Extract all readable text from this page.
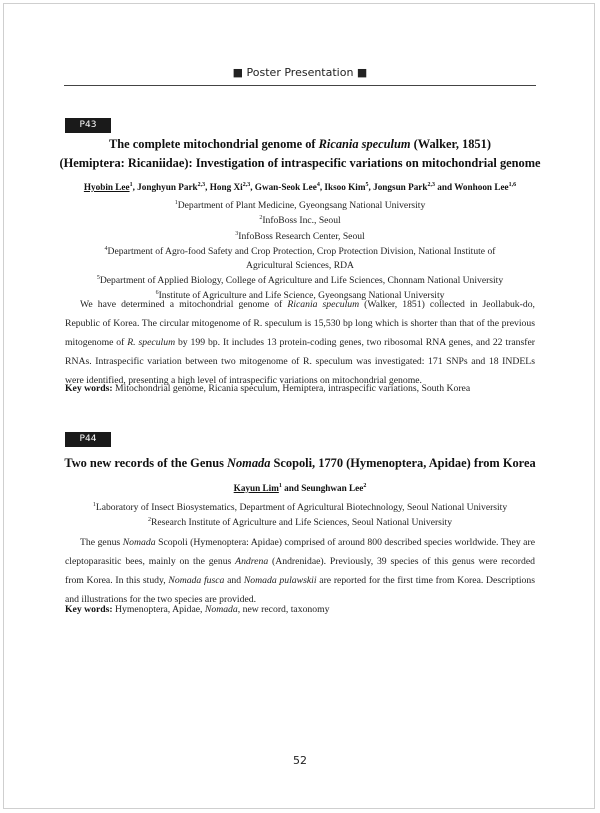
■ Poster Presentation ■
P43
The complete mitochondrial genome of Ricania speculum (Walker, 1851)
(Hemiptera: Ricaniidae): Investigation of intraspecific variations on mitochondrial genome
Hyobin Lee$^1$, Jonghyun Park$^{2,3}$, Hong Xi$^{2,3}$, Gwan-Seok Lee$^4$, Iksoo Kim$^5$, Jongsun Park$^{2,3}$ and Wonhoon Lee$^{1,6}$

$^1$Department of Plant Medicine, Gyeongsang National University

$^2$InfoBoss Inc., Seoul

$^3$InfoBoss Research Center, Seoul

$^4$Department of Agro-food Safety and Crop Protection, Crop Protection Division, National Institute of

Agricultural Sciences, RDA

$^5$Department of Applied Biology, College of Agriculture and Life Sciences, Chonnam National University

$^6$Institute of Agriculture and Life Science, Gyeongsang National University

We have determined a mitochondrial genome of Ricania speculum (Walker, 1851) collected in Jeollabuk-do, Republic of Korea. The circular mitogenome of R. speculum is 15,530 bp long which is shorter than that of the previous mitogenome of R. speculum by 199 bp. It includes 13 protein-coding genes, two ribosomal RNA genes, and 22 transfer RNAs. Intraspecific variation between two mitogenome of R. speculum was investigated: 171 SNPs and 18 INDELs were identified, presenting a high level of intraspecific variations on mitochondrial genome.

Key words: Mitochondrial genome, Ricania speculum, Hemiptera, intraspecific variations, South Korea

P44
Two new records of the Genus Nomada Scopoli, 1770 (Hymenoptera, Apidae) from Korea
Kayun Lim$^1$ and Seunghwan Lee$^2$

$^1$Laboratory of Insect Biosystematics, Department of Agricultural Biotechnology, Seoul National University

$^2$Research Institute of Agriculture and Life Sciences, Seoul National University

The genus Nomada Scopoli (Hymenoptera: Apidae) comprised of around 800 described species worldwide. They are cleptoparasitic bees, mainly on the genus Andrena (Andrenidae). Previously, 39 species of this genus were recorded from Korea. In this study, Nomada fusca and Nomada pulawskii are reported for the first time from Korea. Descriptions and illustrations for the two species are provided.

Key words: Hymenoptera, Apidae, Nomada, new record, taxonomy

52
